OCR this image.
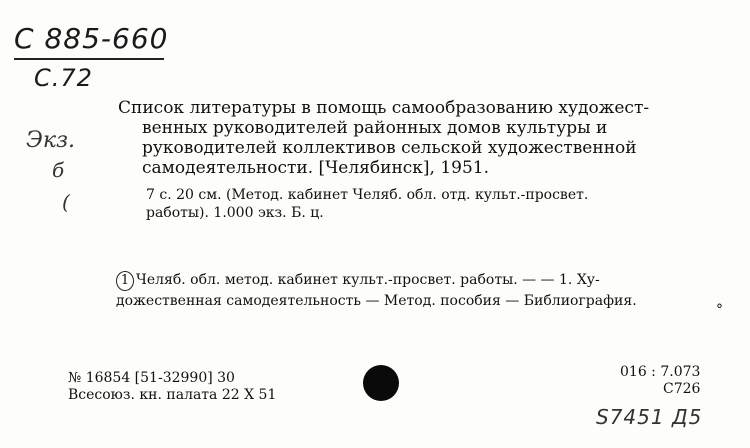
C 885-660
C.72
Экз.
б
(
Список литературы в помощь самообразованию художест-
венных руководителей районных домов культуры и
руководителей коллективов сельской художественной
самодеятельности. [Челябинск], 1951.
7 с. 20 см. (Метод. кабинет Челяб. обл. отд. культ.-просвет.
работы). 1.000 экз. Б. ц.
1 Челяб. обл. метод. кабинет культ.-просвет. работы. — — 1. Ху-
дожественная самодеятельность — Метод. пособия — Библиография.
°
№ 16854 [51-32990] 30
Всесоюз. кн. палата 22 X 51
016 : 7.073
C726
S7451 Д5
